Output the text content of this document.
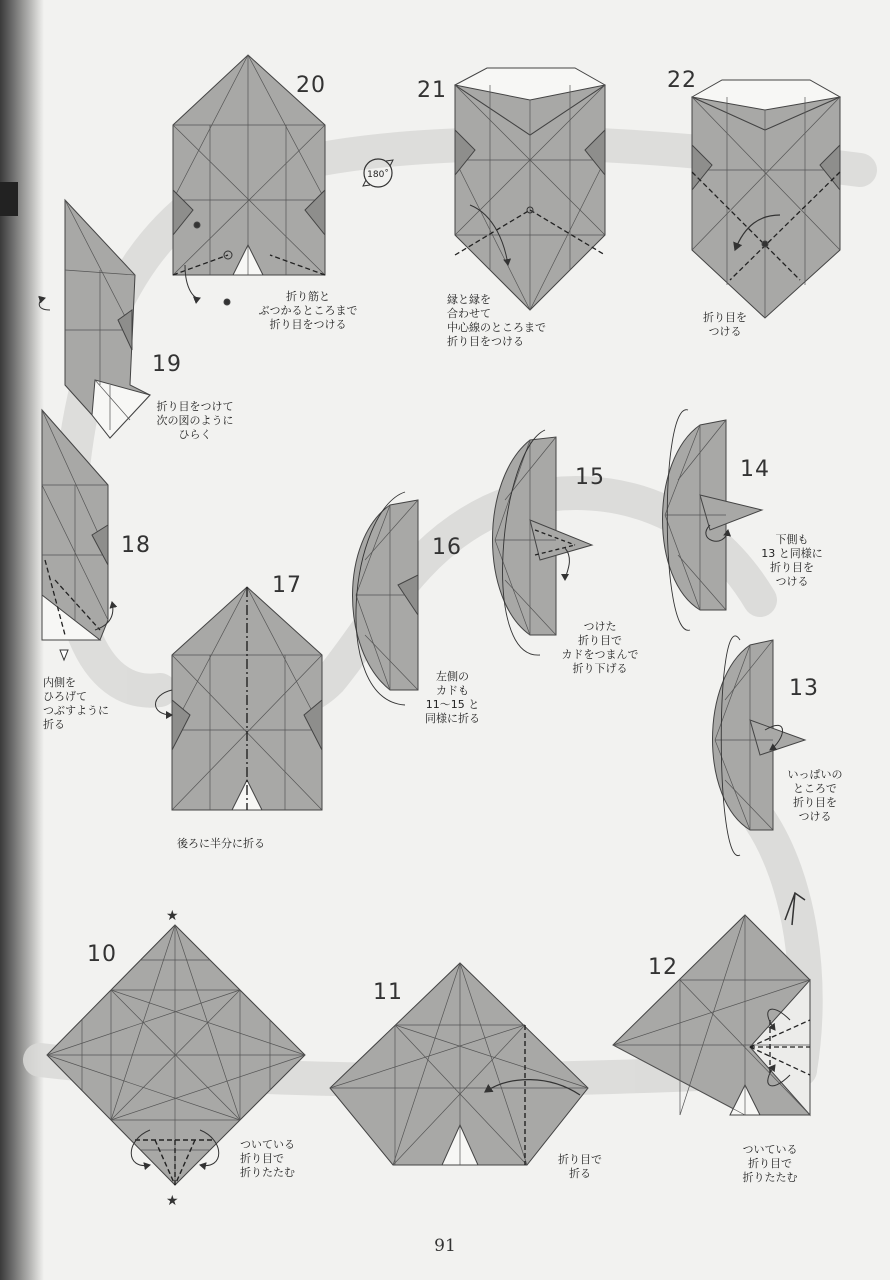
★
★
180˚
10
11
12
13
14
15
16
17
18
19
20	21	22
ついている
折り目で
折りたたむ
折り目で
折る
ついている
折り目で
折りたたむ
いっぱいの
ところで
折り目を
つける
下側も
13 と同様に
折り目を
つける
つけた
折り目で
カドをつまんで
折り下げる
左側の
カドも
11〜15 と
同様に折る
後ろに半分に折る
内側を
ひろげて
つぶすように
折る
折り目をつけて
次の図のように
ひらく
折り筋と
ぶつかるところまで
折り目をつける
縁と縁を
合わせて
中心線のところまで
折り目をつける
折り目を
つける
91
